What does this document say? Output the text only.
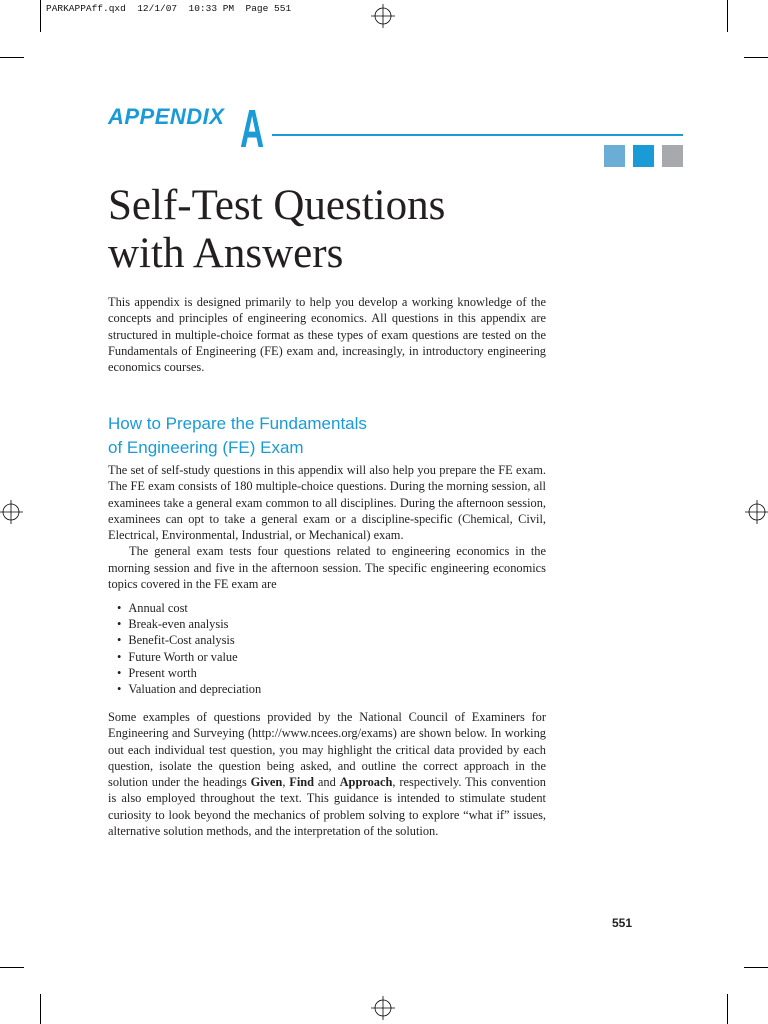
PARKAPPAff.qxd  12/1/07  10:33 PM  Page 551
APPENDIX A
Self-Test Questions
with Answers

This appendix is designed primarily to help you develop a working knowledge of the concepts and principles of engineering economics. All questions in this appendix are structured in multiple-choice format as these types of exam questions are tested on the Fundamentals of Engineering (FE) exam and, increasingly, in introductory engineering economics courses.

How to Prepare the Fundamentals
of Engineering (FE) Exam

The set of self-study questions in this appendix will also help you prepare the FE exam. The FE exam consists of 180 multiple-choice questions. During the morning session, all examinees take a general exam common to all disciplines. During the afternoon session, examinees can opt to take a general exam or a discipline-specific (Chemical, Civil, Electrical, Environmental, Industrial, or Mechanical) exam.

The general exam tests four questions related to engineering economics in the morning session and five in the afternoon session. The specific engineering economics topics covered in the FE exam are

• Annual cost
• Break-even analysis
• Benefit-Cost analysis
• Future Worth or value
• Present worth
• Valuation and depreciation

Some examples of questions provided by the National Council of Examiners for Engineering and Surveying (http://www.ncees.org/exams) are shown below. In working out each individual test question, you may highlight the critical data provided by each question, isolate the question being asked, and outline the correct approach in the solution under the headings Given, Find and Approach, respectively. This convention is also employed throughout the text. This guidance is intended to stimulate student curiosity to look beyond the mechanics of problem solving to explore “what if” issues, alternative solution methods, and the interpretation of the solution.

551
